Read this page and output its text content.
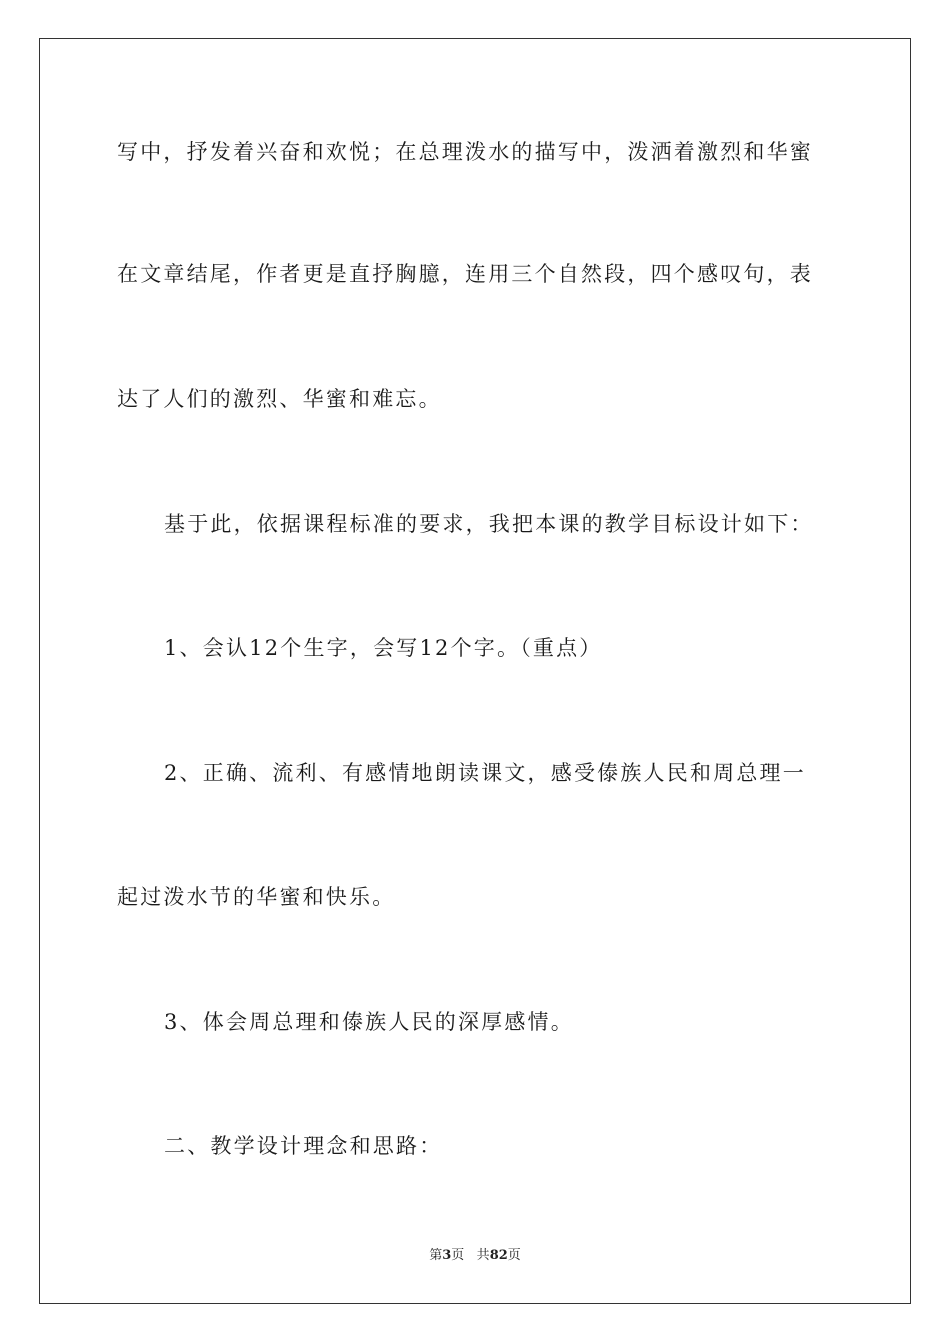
写中，抒发着兴奋和欢悦；在总理泼水的描写中，泼洒着激烈和华蜜
在文章结尾，作者更是直抒胸臆，连用三个自然段，四个感叹句，表
达了人们的激烈、华蜜和难忘。
基于此，依据课程标准的要求，我把本课的教学目标设计如下：
1、会认12个生字，会写12个字。（重点）
2、正确、流利、有感情地朗读课文，感受傣族人民和周总理一
起过泼水节的华蜜和快乐。
3、体会周总理和傣族人民的深厚感情。
二、教学设计理念和思路：
第3页 共82页
